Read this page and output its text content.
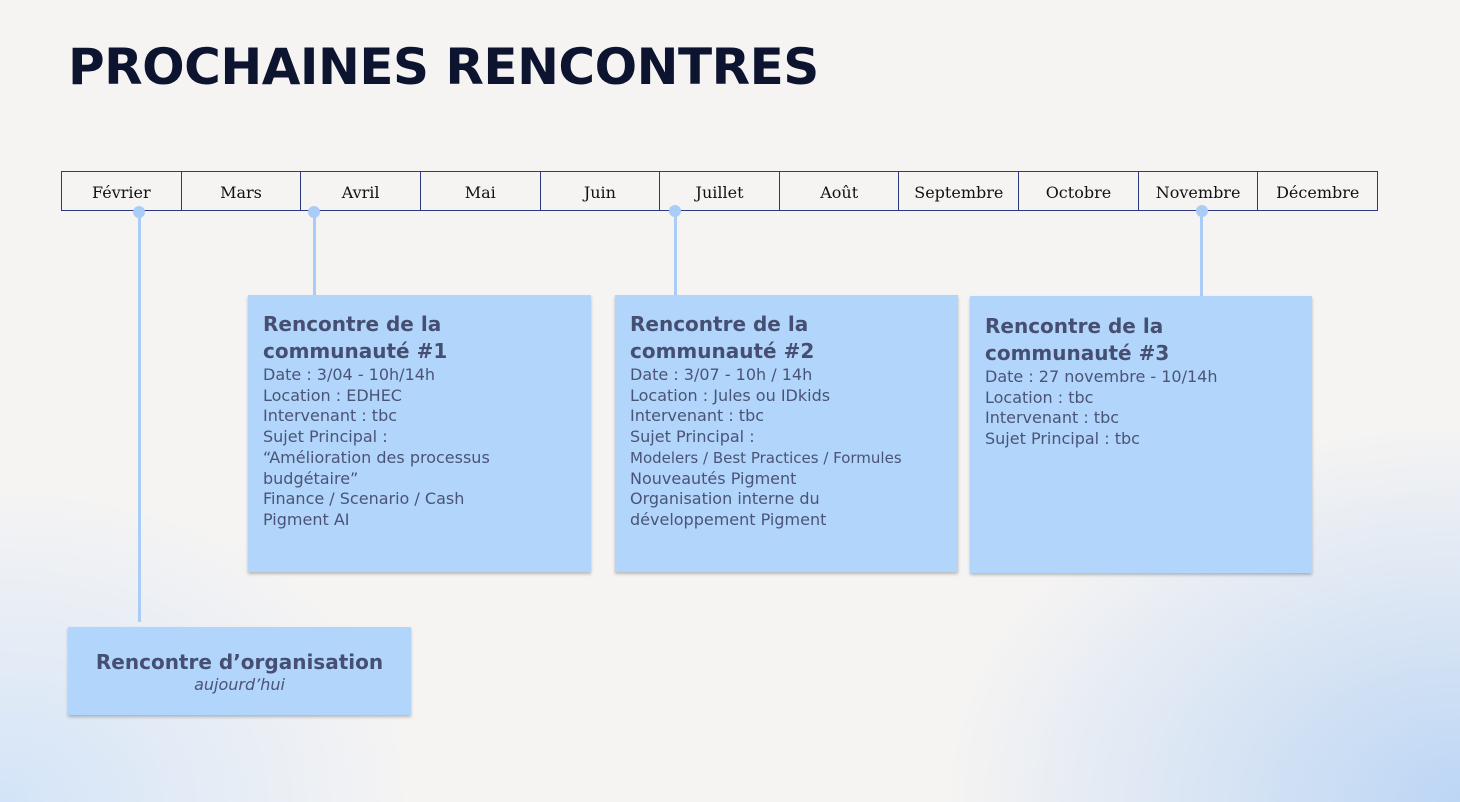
PROCHAINES RENCONTRES
Février	Mars	Avril	Mai	Juin	Juillet	Août	Septembre	Octobre	Novembre	Décembre
Rencontre de la
communauté #1
Date : 3/04 - 10h/14h
Location : EDHEC
Intervenant : tbc
Sujet Principal :
“Amélioration des processus
budgétaire”
Finance / Scenario / Cash
Pigment AI
Rencontre de la
communauté #2
Date : 3/07 - 10h / 14h
Location : Jules ou IDkids
Intervenant : tbc
Sujet Principal :
Modelers / Best Practices / Formules
Nouveautés Pigment
Organisation interne du
développement Pigment
Rencontre de la
communauté #3
Date : 27 novembre - 10/14h
Location : tbc
Intervenant : tbc
Sujet Principal : tbc
Rencontre d’organisation
aujourd’hui
